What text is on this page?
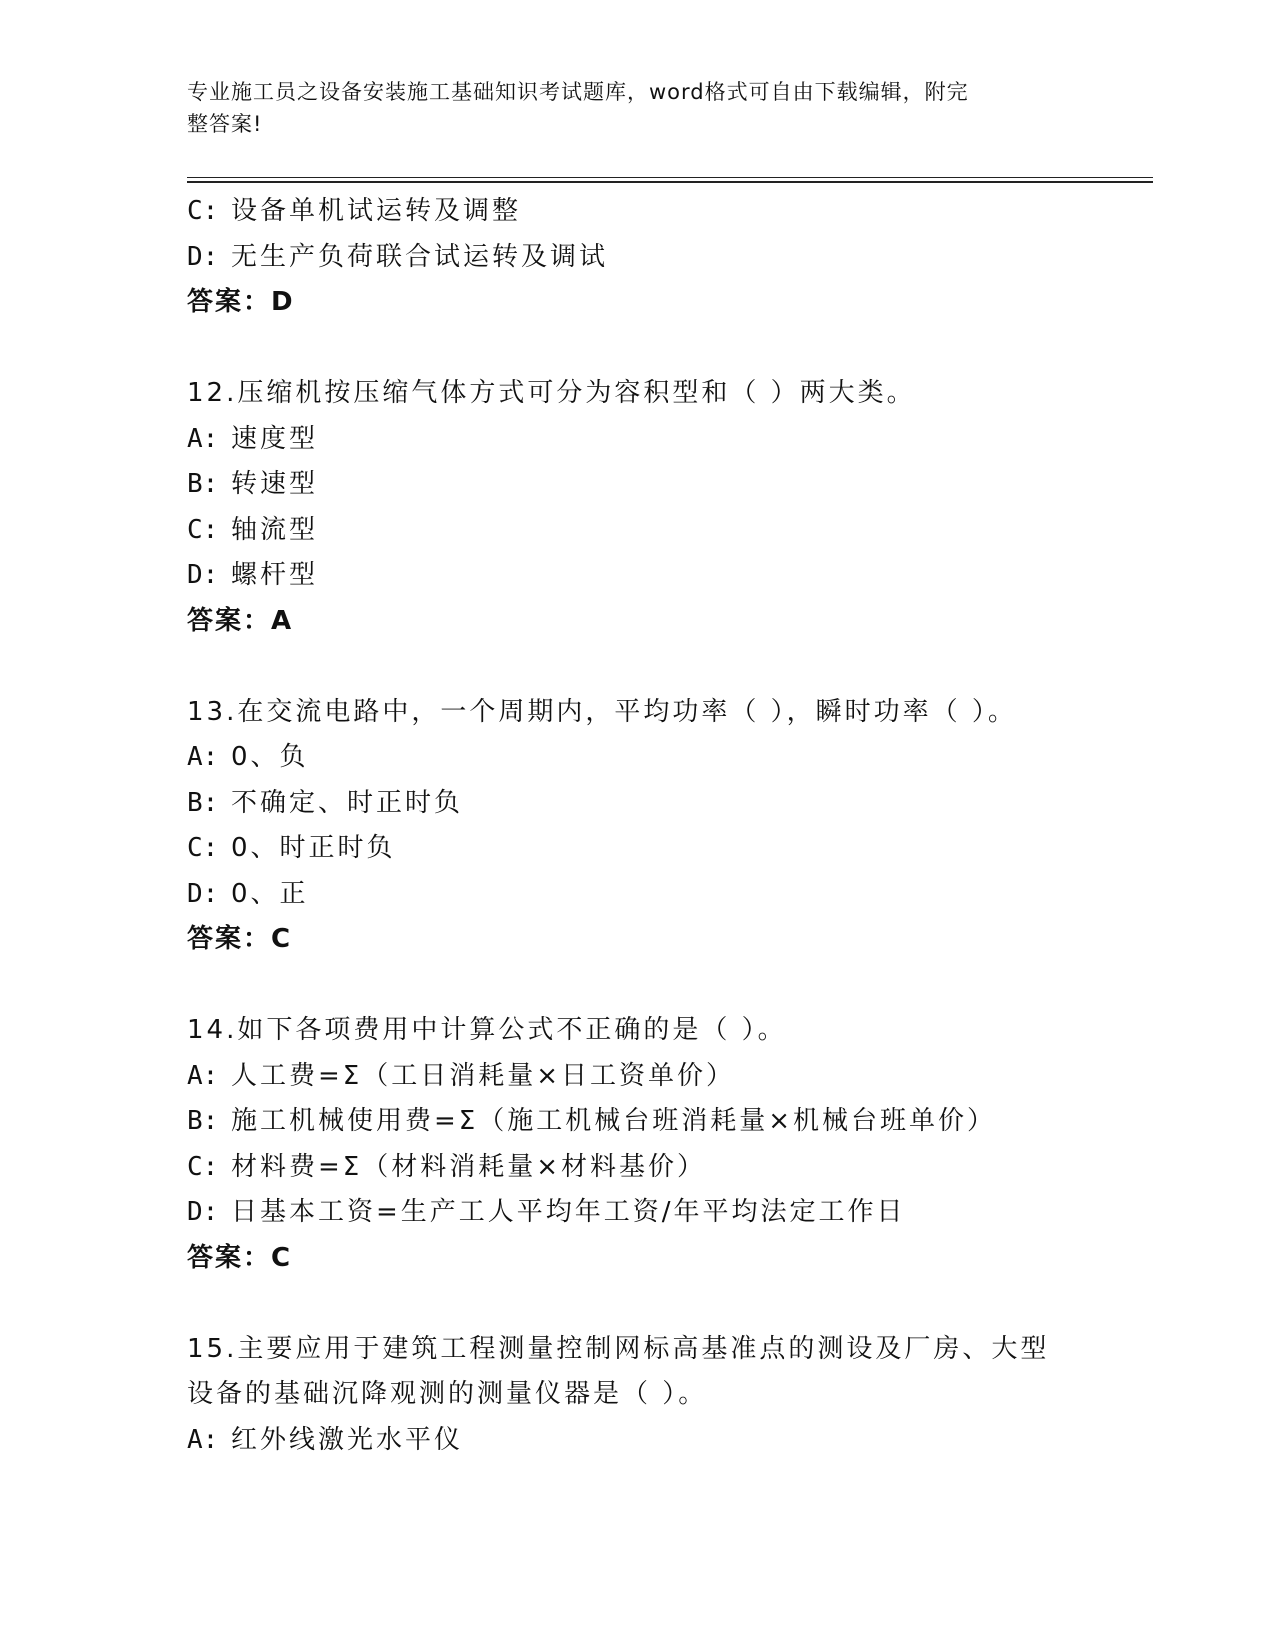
专业施工员之设备安装施工基础知识考试题库，word格式可自由下载编辑，附完
整答案!
C: 设备单机试运转及调整
D: 无生产负荷联合试运转及调试
答案：D
12.压缩机按压缩气体方式可分为容积型和（ ）两大类。
A: 速度型
B: 转速型
C: 轴流型
D: 螺杆型
答案：A
13.在交流电路中，一个周期内，平均功率（ ），瞬时功率（ ）。
A: 0、负
B: 不确定、时正时负
C: 0、时正时负
D: 0、正
答案：C
14.如下各项费用中计算公式不正确的是（ ）。
A: 人工费=Σ（工日消耗量×日工资单价）
B: 施工机械使用费=Σ（施工机械台班消耗量×机械台班单价）
C: 材料费=Σ（材料消耗量×材料基价）
D: 日基本工资=生产工人平均年工资/年平均法定工作日
答案：C
15.主要应用于建筑工程测量控制网标高基准点的测设及厂房、大型设备的基础沉降观测的测量仪器是（ ）。
A: 红外线激光水平仪
